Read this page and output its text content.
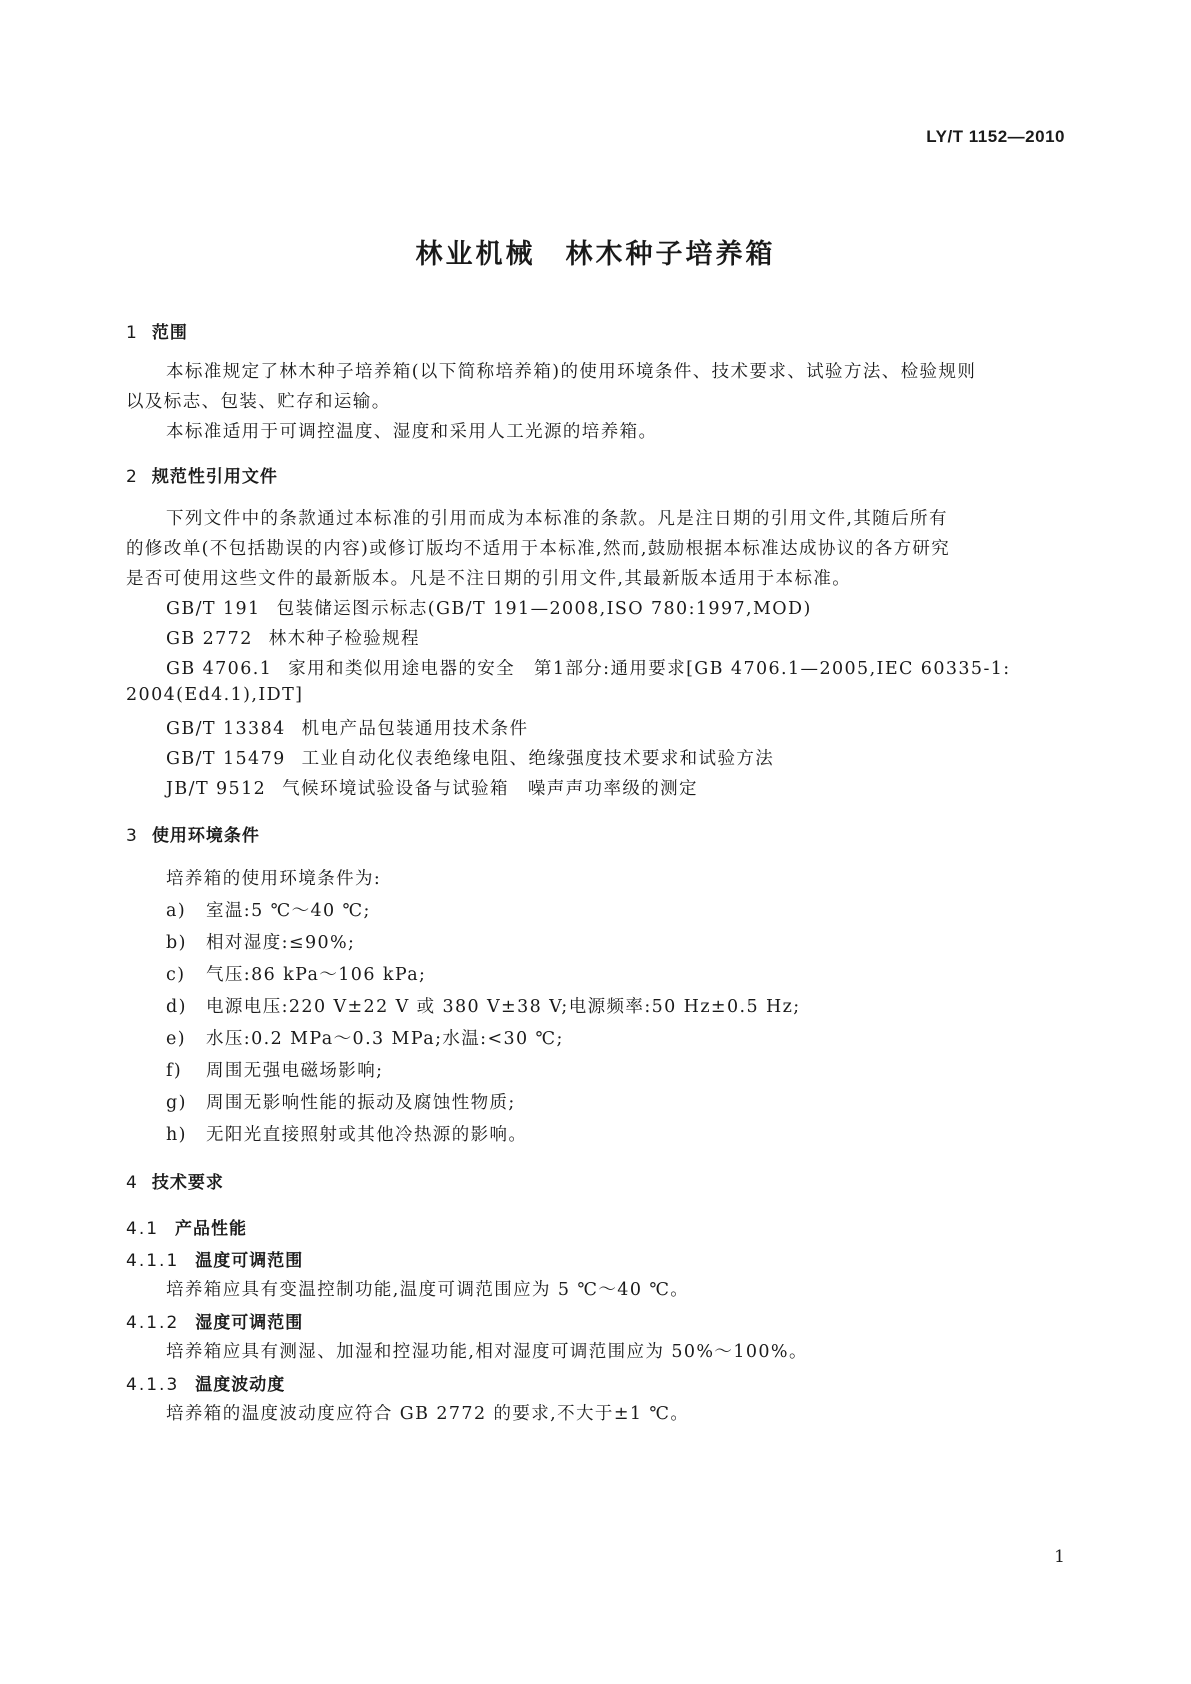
LY/T 1152—2010
林业机械　林木种子培养箱
1 范围
本标准规定了林木种子培养箱(以下简称培养箱)的使用环境条件、技术要求、试验方法、检验规则
以及标志、包装、贮存和运输。
本标准适用于可调控温度、湿度和采用人工光源的培养箱。
2 规范性引用文件
下列文件中的条款通过本标准的引用而成为本标准的条款。凡是注日期的引用文件,其随后所有
的修改单(不包括勘误的内容)或修订版均不适用于本标准,然而,鼓励根据本标准达成协议的各方研究
是否可使用这些文件的最新版本。凡是不注日期的引用文件,其最新版本适用于本标准。
GB/T 191 包装储运图示标志(GB/T 191—2008,ISO 780:1997,MOD)
GB 2772 林木种子检验规程
GB 4706.1 家用和类似用途电器的安全　第1部分:通用要求[GB 4706.1—2005,IEC 60335-1:
2004(Ed4.1),IDT]
GB/T 13384 机电产品包装通用技术条件
GB/T 15479 工业自动化仪表绝缘电阻、绝缘强度技术要求和试验方法
JB/T 9512 气候环境试验设备与试验箱　噪声声功率级的测定
3 使用环境条件
培养箱的使用环境条件为:
a) 室温:5 ℃～40 ℃;
b) 相对湿度:≤90%;
c) 气压:86 kPa～106 kPa;
d) 电源电压:220 V±22 V 或 380 V±38 V;电源频率:50 Hz±0.5 Hz;
e) 水压:0.2 MPa～0.3 MPa;水温:<30 ℃;
f) 周围无强电磁场影响;
g) 周围无影响性能的振动及腐蚀性物质;
h) 无阳光直接照射或其他冷热源的影响。
4 技术要求
4.1 产品性能
4.1.1 温度可调范围
培养箱应具有变温控制功能,温度可调范围应为 5 ℃～40 ℃。
4.1.2 湿度可调范围
培养箱应具有测湿、加湿和控湿功能,相对湿度可调范围应为 50%～100%。
4.1.3 温度波动度
培养箱的温度波动度应符合 GB 2772 的要求,不大于±1 ℃。
1
